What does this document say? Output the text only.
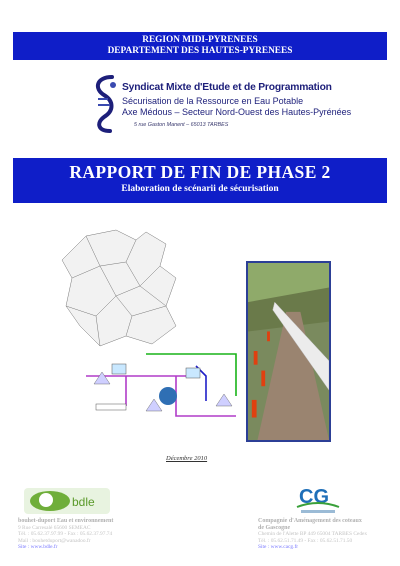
REGION MIDI-PYRENEES
DEPARTEMENT DES HAUTES-PYRENEES
Syndicat Mixte d'Etude et de Programmation
Sécurisation de la Ressource en Eau Potable
Axe Médous – Secteur Nord-Ouest des Hautes-Pyrénées
5 rue Gaston Manent – 65013 TARBES
RAPPORT DE FIN DE PHASE 2
Elaboration de scénarii de sécurisation
Décembre 2010
bdle	CG
bouhet-duport Eau et environnement
9 Rue Carresalé 65600 SEMEAC
Tél. : 05.62.37.97.99 - Fax : 05.62.37.97.74
Mail : bouhetduport@wanadoo.fr
Site : www.bdle.fr
Compagnie d'Aménagement des coteaux
de Gascogne
Chemin de l'Alette BP 449 65004 TARBES Cedex
Tél. : 05.62.51.71.49 - Fax : 05.62.51.71.50
Site : www.cacg.fr
